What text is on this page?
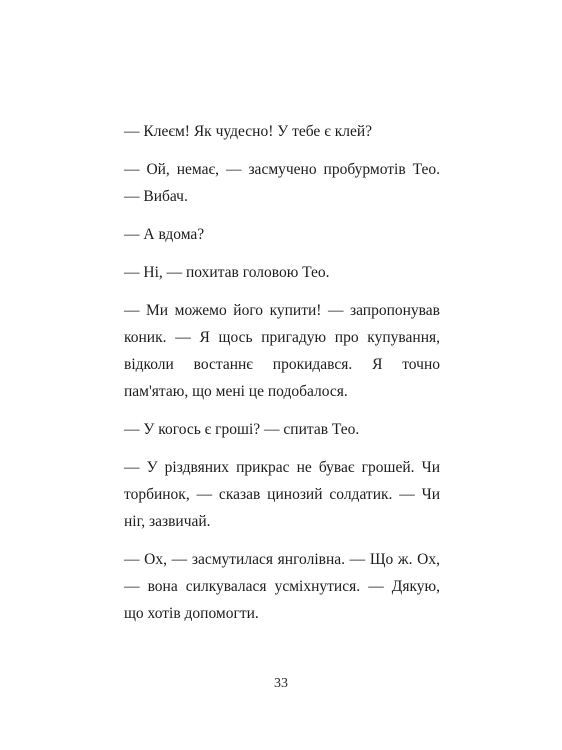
— Клеєм! Як чудесно! У тебе є клей?

— Ой, немає, — засмучено пробурмотів Тео. — Вибач.

— А вдома?

— Ні, — похитав головою Тео.

— Ми можемо його купити! — запропонував коник. — Я щось пригадую про купування, відколи востаннє прокидався. Я точно пам'ятаю, що мені це подобалося.

— У когось є гроші? — спитав Тео.

— У різдвяних прикрас не буває грошей. Чи торбинок, — сказав цинозий солдатик. — Чи ніг, зазвичай.

— Ох, — засмутилася янголівна. — Що ж. Ох, — вона силкувалася усміхнутися. — Дякую, що хотів допомогти.

33
